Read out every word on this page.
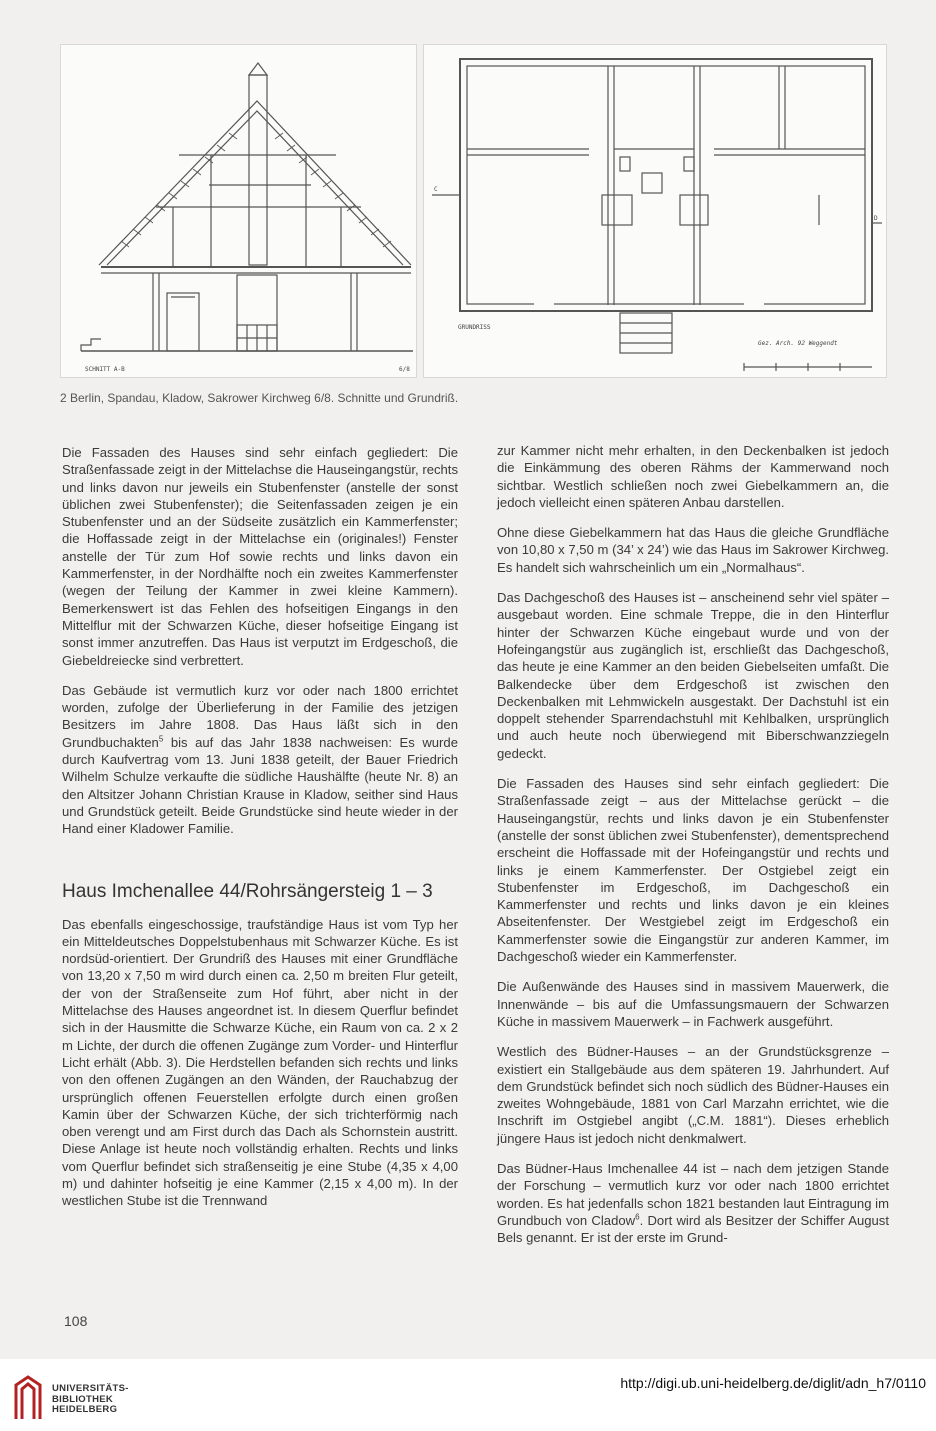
SCHNITT A-B	6/8
C
D
GRUNDRISS
Gez. Arch. 92 Weggendt
2 Berlin, Spandau, Kladow, Sakrower Kirchweg 6/8. Schnitte und Grundriß.

Die Fassaden des Hauses sind sehr einfach gegliedert: Die Straßenfassade zeigt in der Mittelachse die Hauseingangstür, rechts und links davon nur jeweils ein Stubenfenster (anstelle der sonst üblichen zwei Stubenfenster); die Seitenfassaden zeigen je ein Stubenfenster und an der Südseite zusätzlich ein Kammerfenster; die Hoffassade zeigt in der Mittelachse ein (originales!) Fenster anstelle der Tür zum Hof sowie rechts und links davon ein Kammerfenster, in der Nordhälfte noch ein zweites Kammerfenster (wegen der Teilung der Kammer in zwei kleine Kammern). Bemerkenswert ist das Fehlen des hofseitigen Eingangs in den Mittelflur mit der Schwarzen Küche, dieser hofseitige Eingang ist sonst immer anzutreffen. Das Haus ist verputzt im Erdgeschoß, die Giebeldreiecke sind verbrettert.

Das Gebäude ist vermutlich kurz vor oder nach 1800 errichtet worden, zufolge der Überlieferung in der Familie des jetzigen Besitzers im Jahre 1808. Das Haus läßt sich in den Grundbuchakten$^5$ bis auf das Jahr 1838 nachweisen: Es wurde durch Kaufvertrag vom 13. Juni 1838 geteilt, der Bauer Friedrich Wilhelm Schulze verkaufte die südliche Haushälfte (heute Nr. 8) an den Altsitzer Johann Christian Krause in Kladow, seither sind Haus und Grundstück geteilt. Beide Grundstücke sind heute wieder in der Hand einer Kladower Familie.

Haus Imchenallee 44/Rohrsängersteig 1 – 3

Das ebenfalls eingeschossige, traufständige Haus ist vom Typ her ein Mitteldeutsches Doppelstubenhaus mit Schwarzer Küche. Es ist nordsüd-orientiert. Der Grundriß des Hauses mit einer Grundfläche von 13,20 x 7,50 m wird durch einen ca. 2,50 m breiten Flur geteilt, der von der Straßenseite zum Hof führt, aber nicht in der Mittelachse des Hauses angeordnet ist. In diesem Querflur befindet sich in der Hausmitte die Schwarze Küche, ein Raum von ca. 2 x 2 m Lichte, der durch die offenen Zugänge zum Vorder- und Hinterflur Licht erhält (Abb. 3). Die Herdstellen befanden sich rechts und links von den offenen Zugängen an den Wänden, der Rauchabzug der ursprünglich offenen Feuerstellen erfolgte durch einen großen Kamin über der Schwarzen Küche, der sich trichterförmig nach oben verengt und am First durch das Dach als Schornstein austritt. Diese Anlage ist heute noch vollständig erhalten. Rechts und links vom Querflur befindet sich straßenseitig je eine Stube (4,35 x 4,00 m) und dahinter hofseitig je eine Kammer (2,15 x 4,00 m). In der westlichen Stube ist die Trennwand

zur Kammer nicht mehr erhalten, in den Deckenbalken ist jedoch die Einkämmung des oberen Rähms der Kammerwand noch sichtbar. Westlich schließen noch zwei Giebelkammern an, die jedoch vielleicht einen späteren Anbau darstellen.

Ohne diese Giebelkammern hat das Haus die gleiche Grundfläche von 10,80 x 7,50 m (34’ x 24’) wie das Haus im Sakrower Kirchweg. Es handelt sich wahrscheinlich um ein „Normalhaus“.

Das Dachgeschoß des Hauses ist – anscheinend sehr viel später – ausgebaut worden. Eine schmale Treppe, die in den Hinterflur hinter der Schwarzen Küche eingebaut wurde und von der Hofeingangstür aus zugänglich ist, erschließt das Dachgeschoß, das heute je eine Kammer an den beiden Giebelseiten umfaßt. Die Balkendecke über dem Erdgeschoß ist zwischen den Deckenbalken mit Lehmwickeln ausgestakt. Der Dachstuhl ist ein doppelt stehender Sparrendachstuhl mit Kehlbalken, ursprünglich und auch heute noch überwiegend mit Biberschwanzziegeln gedeckt.

Die Fassaden des Hauses sind sehr einfach gegliedert: Die Straßenfassade zeigt – aus der Mittelachse gerückt – die Hauseingangstür, rechts und links davon je ein Stubenfenster (anstelle der sonst üblichen zwei Stubenfenster), dementsprechend erscheint die Hoffassade mit der Hofeingangstür und rechts und links je einem Kammerfenster. Der Ostgiebel zeigt ein Stubenfenster im Erdgeschoß, im Dachgeschoß ein Kammerfenster und rechts und links davon je ein kleines Abseitenfenster. Der Westgiebel zeigt im Erdgeschoß ein Kammerfenster sowie die Eingangstür zur anderen Kammer, im Dachgeschoß wieder ein Kammerfenster.

Die Außenwände des Hauses sind in massivem Mauerwerk, die Innenwände – bis auf die Umfassungsmauern der Schwarzen Küche in massivem Mauerwerk – in Fachwerk ausgeführt.

Westlich des Büdner-Hauses – an der Grundstücksgrenze – existiert ein Stallgebäude aus dem späteren 19. Jahrhundert. Auf dem Grundstück befindet sich noch südlich des Büdner-Hauses ein zweites Wohngebäude, 1881 von Carl Marzahn errichtet, wie die Inschrift im Ostgiebel angibt („C.M. 1881“). Dieses erheblich jüngere Haus ist jedoch nicht denkmalwert.

Das Büdner-Haus Imchenallee 44 ist – nach dem jetzigen Stande der Forschung – vermutlich kurz vor oder nach 1800 errichtet worden. Es hat jedenfalls schon 1821 bestanden laut Eintragung im Grundbuch von Cladow$^6$. Dort wird als Besitzer der Schiffer August Bels genannt. Er ist der erste im Grund-

108
UNIVERSITÄTS-
BIBLIOTHEK
HEIDELBERG
http://digi.ub.uni-heidelberg.de/diglit/adn_h7/0110
